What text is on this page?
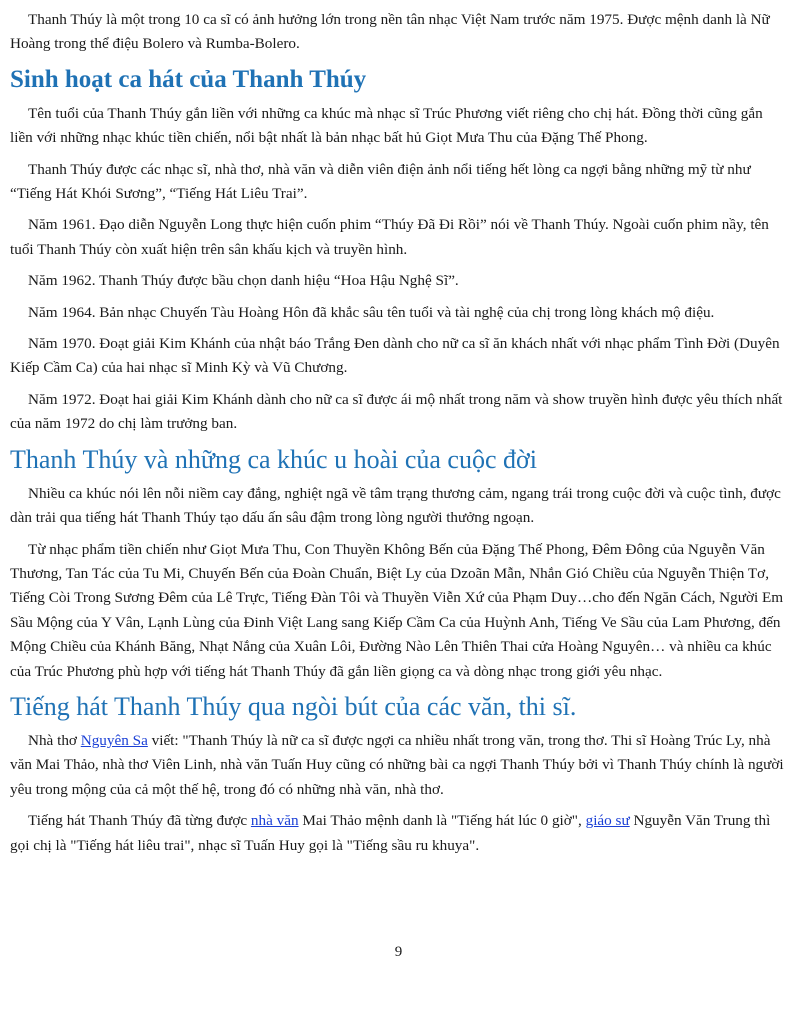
Thanh Thúy là một trong 10 ca sĩ có ảnh hưởng lớn trong nền tân nhạc Việt Nam trước năm 1975. Được mệnh danh là Nữ Hoàng trong thể điệu Bolero và Rumba-Bolero.

Sinh hoạt ca hát của Thanh Thúy

Tên tuổi của Thanh Thúy gắn liền với những ca khúc mà nhạc sĩ Trúc Phương viết riêng cho chị hát. Đồng thời cũng gắn liền với những nhạc khúc tiền chiến, nổi bật nhất là bản nhạc bất hủ Giọt Mưa Thu của Đặng Thế Phong.

Thanh Thúy được các nhạc sĩ, nhà thơ, nhà văn và diễn viên điện ảnh nổi tiếng hết lòng ca ngợi bằng những mỹ từ như “Tiếng Hát Khói Sương”, “Tiếng Hát Liêu Trai”.

Năm 1961. Đạo diễn Nguyễn Long thực hiện cuốn phim “Thúy Đã Đi Rồi” nói về Thanh Thúy. Ngoài cuốn phim nầy, tên tuổi Thanh Thúy còn xuất hiện trên sân khấu kịch và truyền hình.

Năm 1962. Thanh Thúy được bầu chọn danh hiệu “Hoa Hậu Nghệ Sĩ”.

Năm 1964. Bản nhạc Chuyến Tàu Hoàng Hôn đã khắc sâu tên tuổi và tài nghệ của chị trong lòng khách mộ điệu.

Năm 1970. Đoạt giải Kim Khánh của nhật báo Trắng Đen dành cho nữ ca sĩ ăn khách nhất với nhạc phẩm Tình Đời (Duyên Kiếp Cầm Ca) của hai nhạc sĩ Minh Kỳ và Vũ Chương.

Năm 1972. Đoạt hai giải Kim Khánh dành cho nữ ca sĩ được ái mộ nhất trong năm và show truyền hình được yêu thích nhất của năm 1972 do chị làm trưởng ban.

Thanh Thúy và những ca khúc u hoài của cuộc đời

Nhiều ca khúc nói lên nỗi niềm cay đắng, nghiệt ngã về tâm trạng thương cảm, ngang trái trong cuộc đời và cuộc tình, được dàn trải qua tiếng hát Thanh Thúy tạo dấu ấn sâu đậm trong lòng người thưởng ngoạn.

Từ nhạc phẩm tiền chiến như Giọt Mưa Thu, Con Thuyền Không Bến của Đặng Thế Phong, Đêm Đông của Nguyễn Văn Thương, Tan Tác của Tu Mi, Chuyến Bến của Đoàn Chuẩn, Biệt Ly của Dzoãn Mẫn, Nhắn Gió Chiều của Nguyễn Thiện Tơ, Tiếng Còi Trong Sương Đêm của Lê Trực, Tiếng Đàn Tôi và Thuyền Viễn Xứ của Phạm Duy…cho đến Ngăn Cách, Người Em Sầu Mộng của Y Vân, Lạnh Lùng của Đinh Việt Lang sang Kiếp Cầm Ca của Huỳnh Anh, Tiếng Ve Sầu của Lam Phương, đến Mộng Chiều của Khánh Băng, Nhạt Nắng của Xuân Lôi, Đường Nào Lên Thiên Thai cửa Hoàng Nguyên… và nhiều ca khúc của Trúc Phương phù hợp với tiếng hát Thanh Thúy đã gắn liền giọng ca và dòng nhạc trong giới yêu nhạc.

Tiếng hát Thanh Thúy qua ngòi bút của các văn, thi sĩ.

Nhà thơ Nguyên Sa viết: "Thanh Thúy là nữ ca sĩ được ngợi ca nhiều nhất trong văn, trong thơ. Thi sĩ Hoàng Trúc Ly, nhà văn Mai Thảo, nhà thơ Viên Linh, nhà văn Tuấn Huy cũng có những bài ca ngợi Thanh Thúy bởi vì Thanh Thúy chính là người yêu trong mộng của cả một thế hệ, trong đó có những nhà văn, nhà thơ.

Tiếng hát Thanh Thúy đã từng được nhà văn Mai Thảo mệnh danh là "Tiếng hát lúc 0 giờ", giáo sư Nguyễn Văn Trung thì gọi chị là "Tiếng hát liêu trai", nhạc sĩ Tuấn Huy gọi là "Tiếng sầu ru khuya".

9
